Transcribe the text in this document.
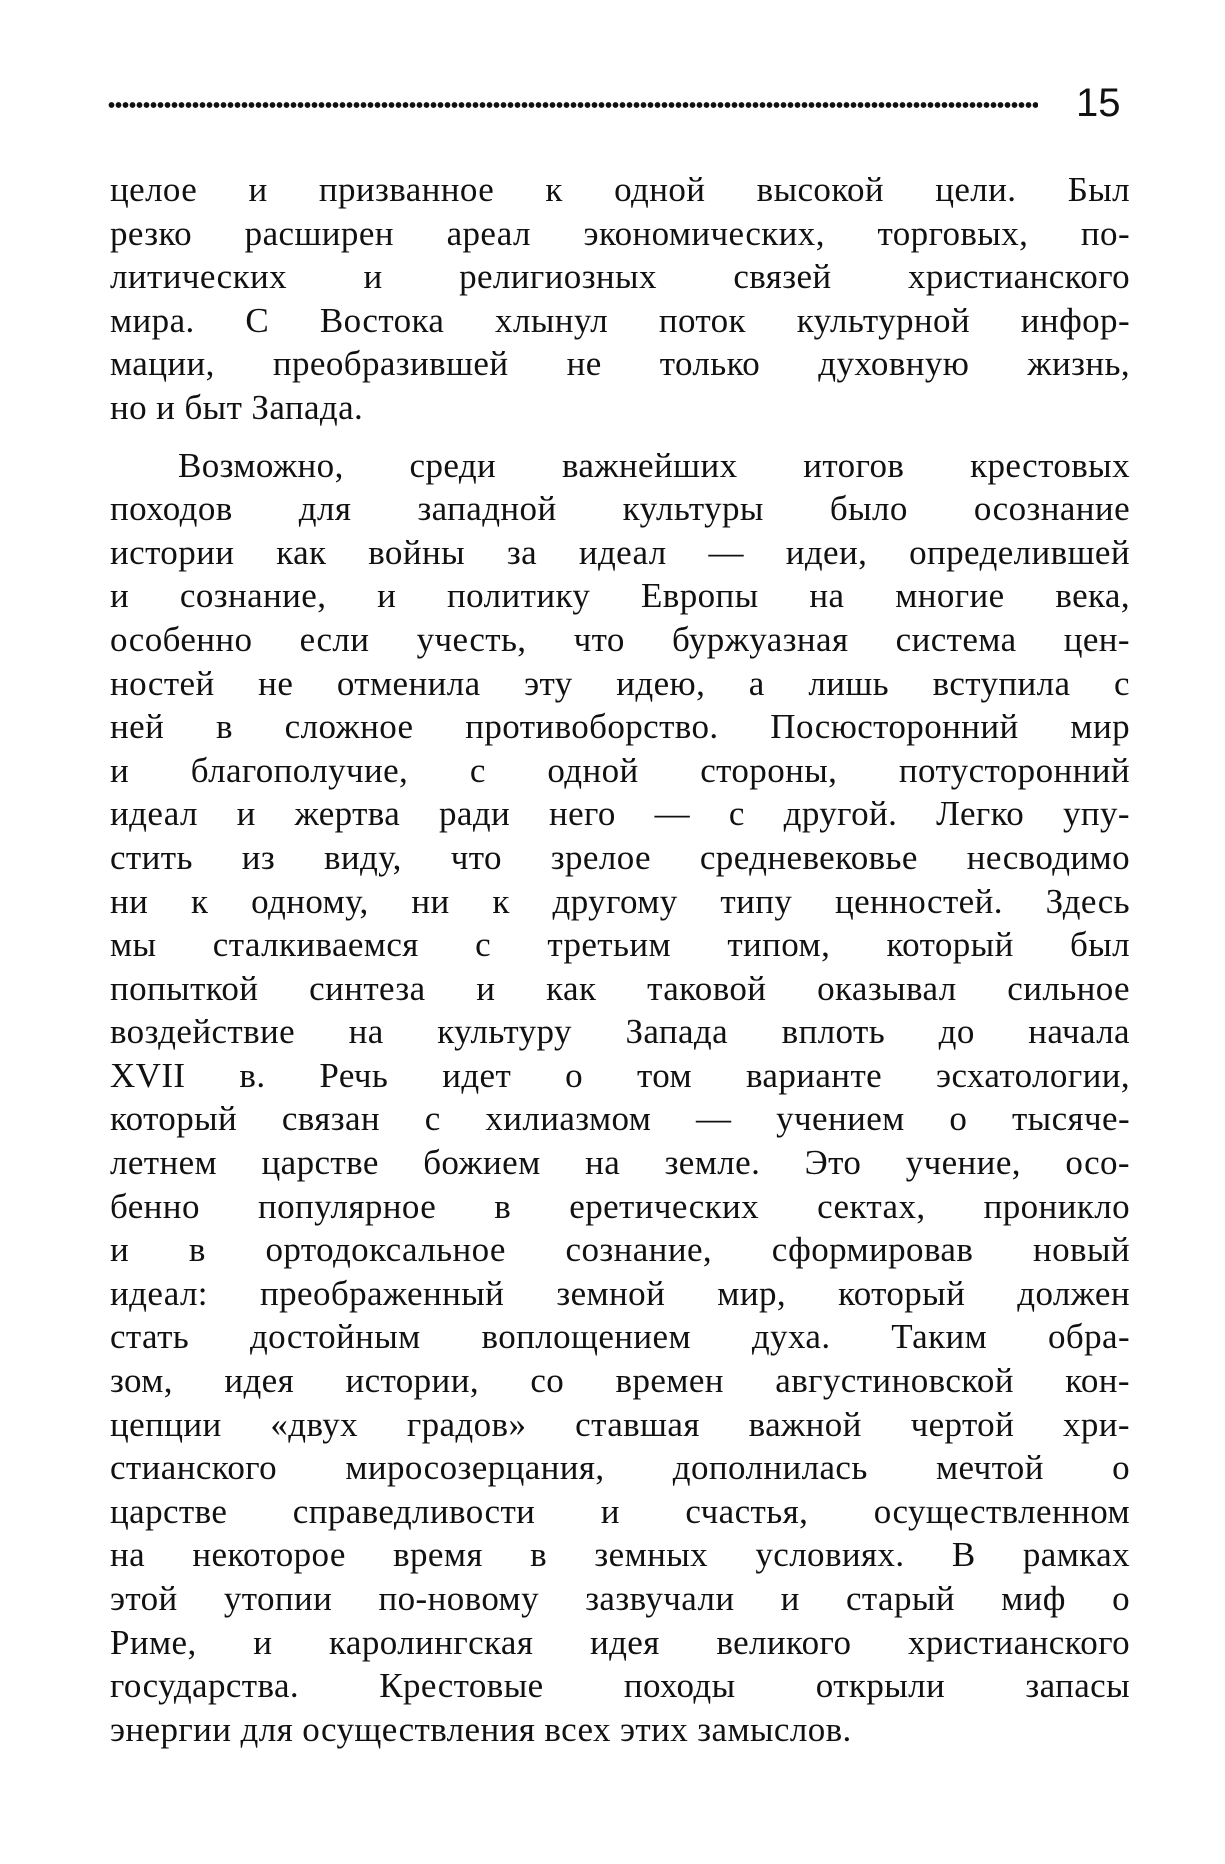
15
целое и призванное к одной высокой цели. Был
резко расширен ареал экономических, торговых, по-
литических и религиозных связей христианского
мира. С Востока хлынул поток культурной инфор-
мации, преобразившей не только духовную жизнь,
но и быт Запада.
Возможно, среди важнейших итогов крестовых
походов для западной культуры было осознание
истории как войны за идеал — идеи, определившей
и сознание, и политику Европы на многие века,
особенно если учесть, что буржуазная система цен-
ностей не отменила эту идею, а лишь вступила с
ней в сложное противоборство. Посюсторонний мир
и благополучие, с одной стороны, потусторонний
идеал и жертва ради него — с другой. Легко упу-
стить из виду, что зрелое средневековье несводимо
ни к одному, ни к другому типу ценностей. Здесь
мы сталкиваемся с третьим типом, который был
попыткой синтеза и как таковой оказывал сильное
воздействие на культуру Запада вплоть до начала
XVII в. Речь идет о том варианте эсхатологии,
который связан с хилиазмом — учением о тысяче-
летнем царстве божием на земле. Это учение, осо-
бенно популярное в еретических сектах, проникло
и в ортодоксальное сознание, сформировав новый
идеал: преображенный земной мир, который должен
стать достойным воплощением духа. Таким обра-
зом, идея истории, со времен августиновской кон-
цепции «двух градов» ставшая важной чертой хри-
стианского миросозерцания, дополнилась мечтой о
царстве справедливости и счастья, осуществленном
на некоторое время в земных условиях. В рамках
этой утопии по-новому зазвучали и старый миф о
Риме, и каролингская идея великого христианского
государства. Крестовые походы открыли запасы
энергии для осуществления всех этих замыслов.
